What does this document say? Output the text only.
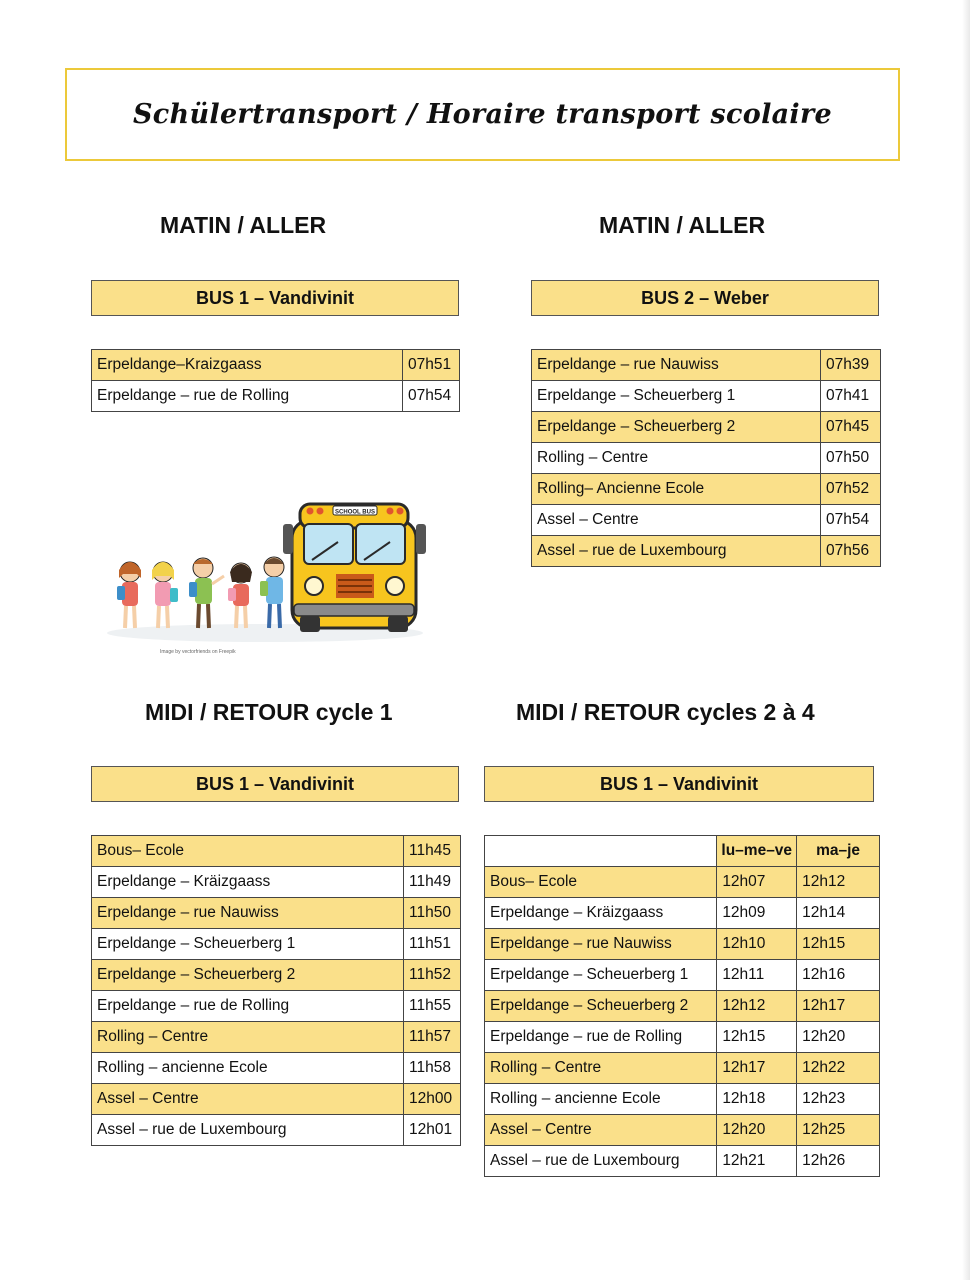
Schülertransport / Horaire transport scolaire
MATIN / ALLER
BUS 1 – Vandivinit
Erpeldange–Kraizgaass	07h51
Erpeldange – rue de Rolling	07h54
MATIN / ALLER
BUS 2 – Weber
Erpeldange – rue Nauwiss	07h39
Erpeldange – Scheuerberg 1	07h41
Erpeldange – Scheuerberg 2	07h45
Rolling – Centre	07h50
Rolling– Ancienne Ecole	07h52
Assel – Centre	07h54
Assel – rue de Luxembourg	07h56
SCHOOL BUS
Image by vectorfriends on Freepik
MIDI / RETOUR cycle 1
BUS 1 – Vandivinit
Bous– Ecole	11h45
Erpeldange – Kräizgaass	11h49
Erpeldange – rue Nauwiss	11h50
Erpeldange – Scheuerberg 1	11h51
Erpeldange – Scheuerberg 2	11h52
Erpeldange – rue de Rolling	11h55
Rolling – Centre	11h57
Rolling – ancienne Ecole	11h58
Assel – Centre	12h00
Assel – rue de Luxembourg	12h01
MIDI / RETOUR cycles 2 à 4
BUS 1 – Vandivinit
	lu–me–ve	ma–je
Bous– Ecole	12h07	12h12
Erpeldange – Kräizgaass	12h09	12h14
Erpeldange – rue Nauwiss	12h10	12h15
Erpeldange – Scheuerberg 1	12h11	12h16
Erpeldange – Scheuerberg 2	12h12	12h17
Erpeldange – rue de Rolling	12h15	12h20
Rolling – Centre	12h17	12h22
Rolling – ancienne Ecole	12h18	12h23
Assel – Centre	12h20	12h25
Assel – rue de Luxembourg	12h21	12h26
